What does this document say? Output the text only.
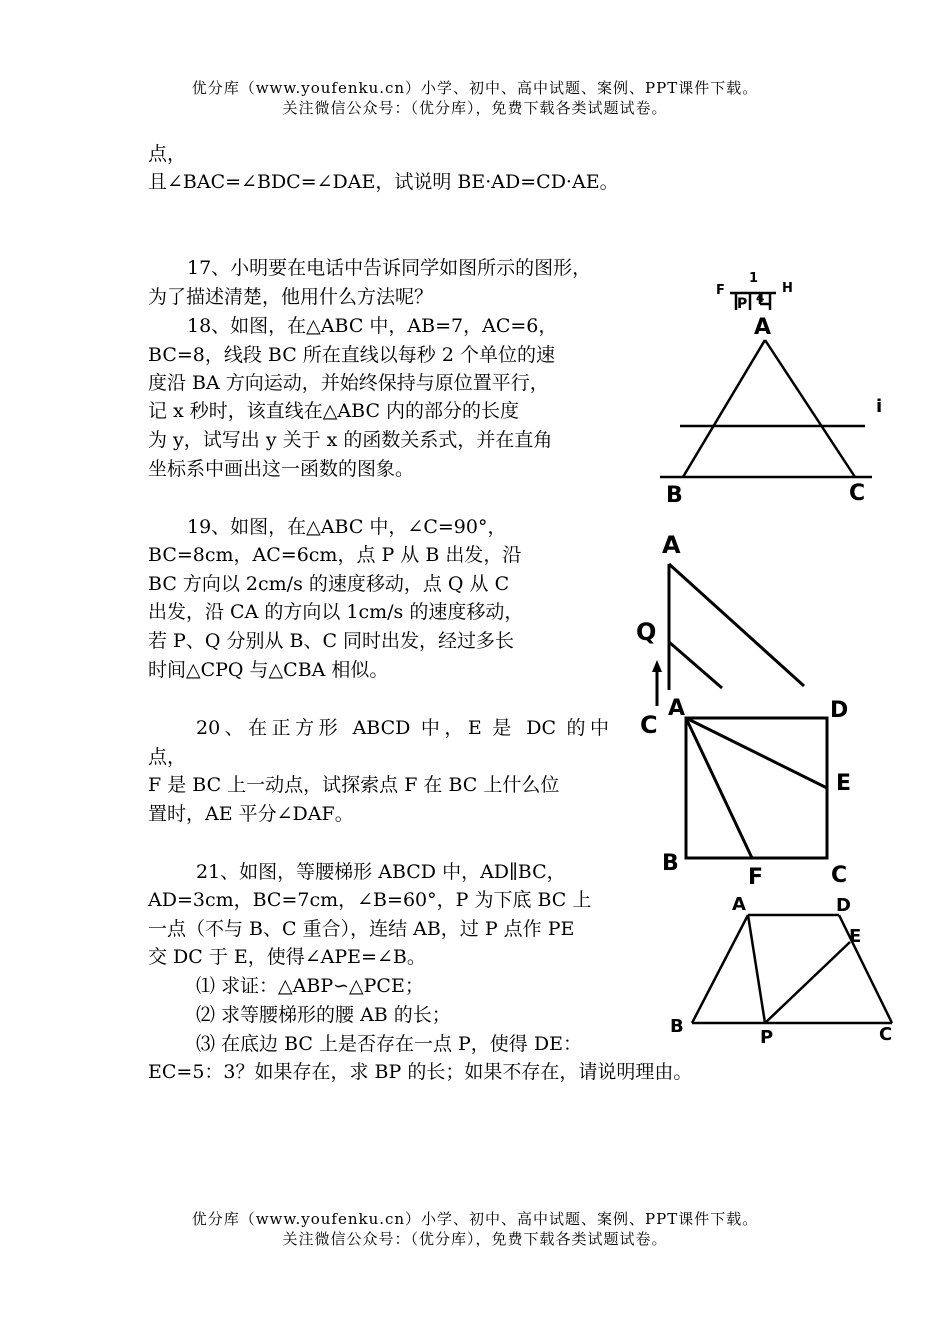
优分库（www.youfenku.cn）小学、初中、高中试题、案例、PPT课件下载。
关注微信公众号：（优分库），免费下载各类试题试卷。
点，
且∠BAC=∠BDC=∠DAE，试说明 BE·AD=CD·AE。
17、小明要在电话中告诉同学如图所示的图形，
为了描述清楚，他用什么方法呢？
18、如图，在△ABC 中，AB=7，AC=6，
BC=8，线段 BC 所在直线以每秒 2 个单位的速
度沿 BA 方向运动，并始终保持与原位置平行，
记 x 秒时，该直线在△ABC 内的部分的长度
为 y，试写出 y 关于 x 的函数关系式，并在直角
坐标系中画出这一函数的图象。
19、如图，在△ABC 中，∠C=90°，
BC=8cm，AC=6cm，点 P 从 B 出发，沿
BC 方向以 2cm/s 的速度移动，点 Q 从 C
出发，沿 CA 的方向以 1cm/s 的速度移动，
若 P、Q 分别从 B、C 同时出发，经过多长
时间△CPQ 与△CBA 相似。
20、在正方形 ABCD 中，E 是 DC 的中
点，
F 是 BC 上一动点，试探索点 F 在 BC 上什么位
置时，AE 平分∠DAF。
21、如图，等腰梯形 ABCD 中，AD∥BC，
AD=3cm，BC=7cm，∠B=60°，P 为下底 BC 上
一点（不与 B、C 重合），连结 AB，过 P 点作 PE
交 DC 于 E，使得∠APE=∠B。
⑴ 求证：△ABP∽△PCE；
⑵ 求等腰梯形的腰 AB 的长；
⑶ 在底边 BC 上是否存在一点 P，使得 DE：
EC=5：3？如果存在，求 BP 的长；如果不存在，请说明理由。
F	H
1
P 4
A
B	C
i
A
Q
C
A	D
E
B
F	C
A	D
E
B
P	C
优分库（www.youfenku.cn）小学、初中、高中试题、案例、PPT课件下载。
关注微信公众号：（优分库），免费下载各类试题试卷。
